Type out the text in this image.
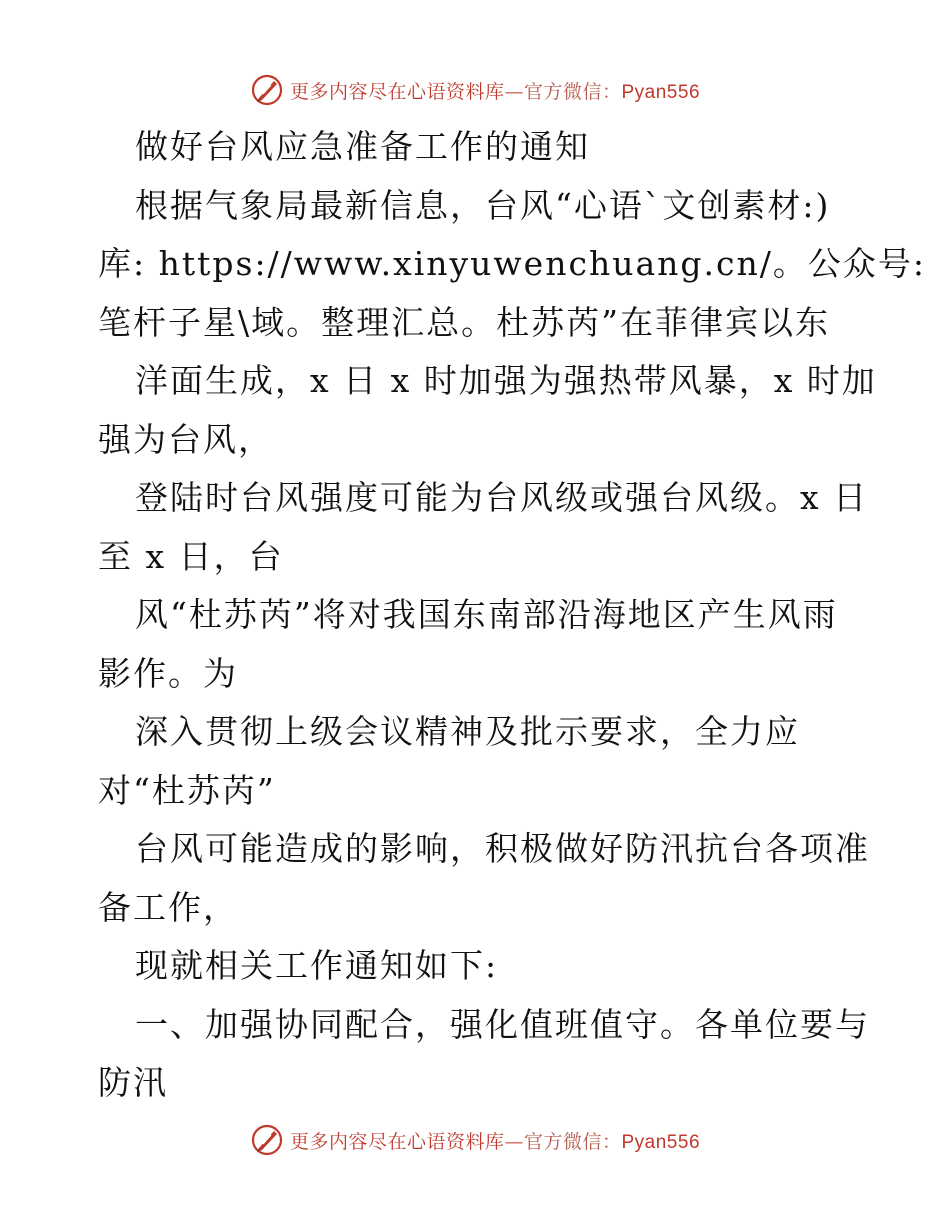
更多内容尽在心语资料库—官方微信：Pyan556

做好台风应急准备工作的通知

根据气象局最新信息，台风“心语`文创素材:)

库: https://www.xinyuwenchuang.cn/。公众号:

笔杆子星\域。整理汇总。杜苏芮”在菲律宾以东

洋面生成，x 日 x 时加强为强热带风暴，x 时加

强为台风，

登陆时台风强度可能为台风级或强台风级。x 日

至 x 日，台

风“杜苏芮”将对我国东南部沿海地区产生风雨

影作。为

深入贯彻上级会议精神及批示要求，全力应

对“杜苏芮”

台风可能造成的影响，积极做好防汛抗台各项准

备工作，

现就相关工作通知如下:

一、加强协同配合，强化值班值守。各单位要与

防汛

更多内容尽在心语资料库—官方微信：Pyan556
